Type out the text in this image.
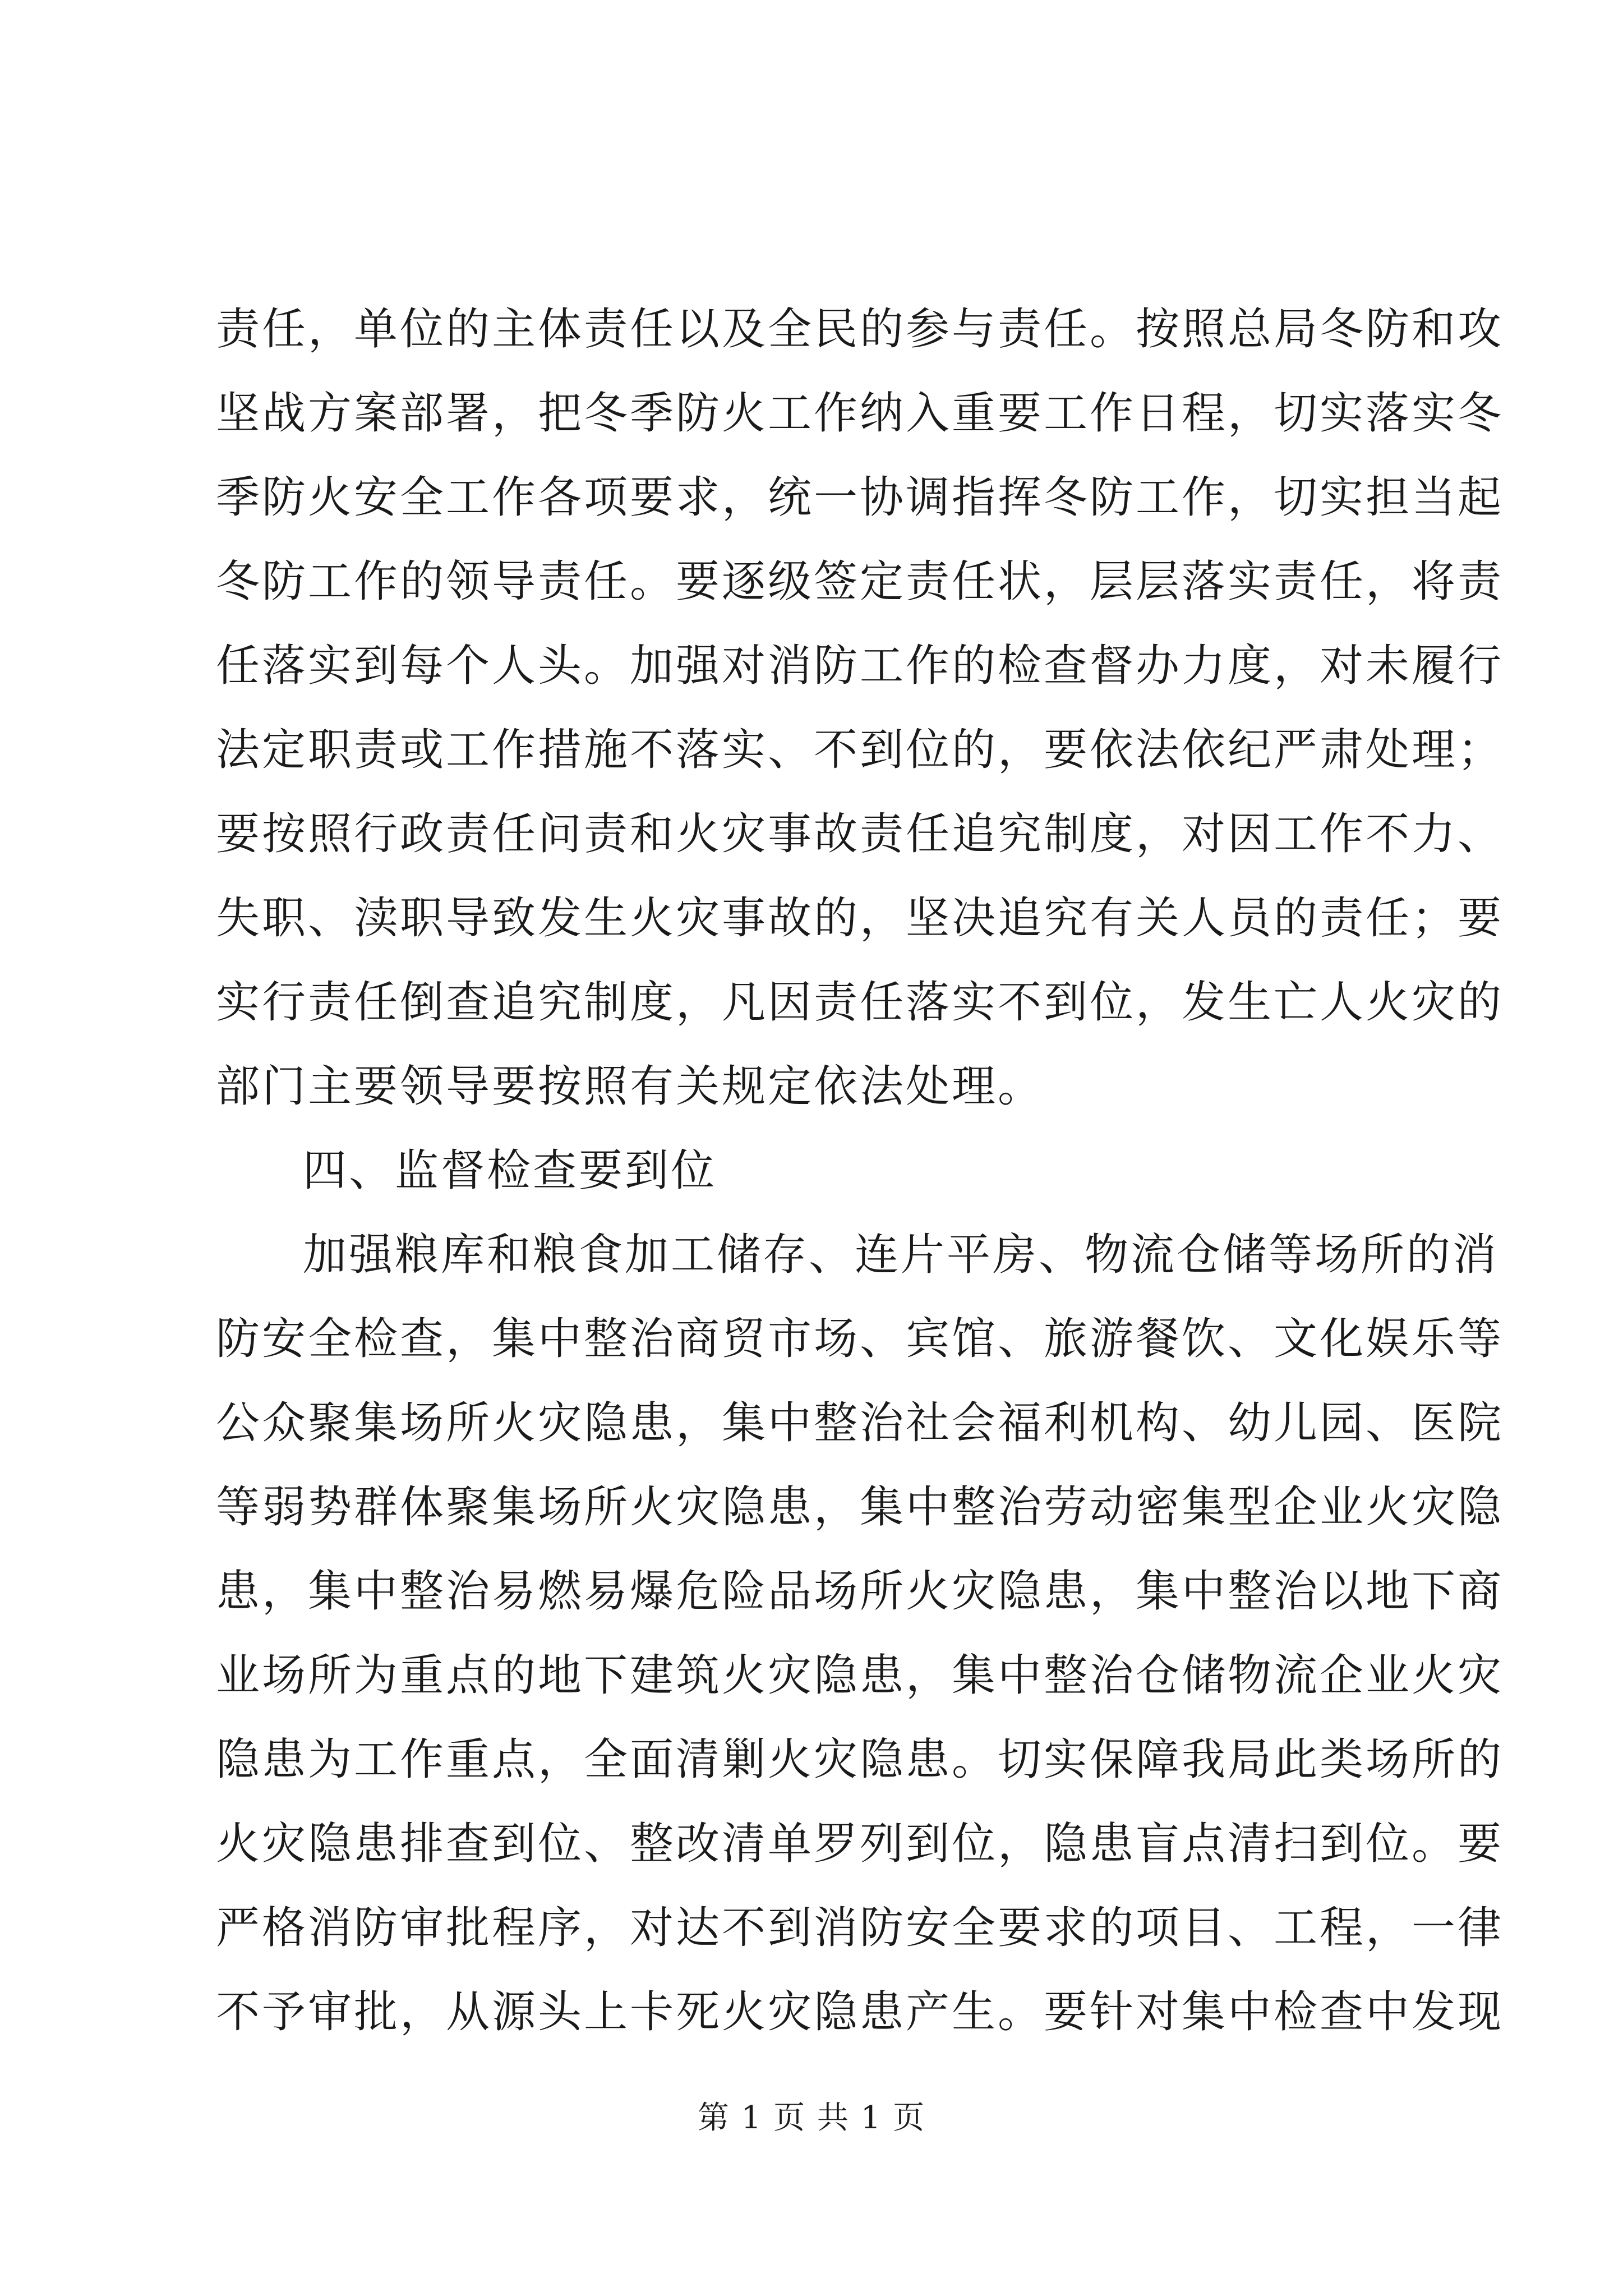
责任，单位的主体责任以及全民的参与责任。按照总局冬防和攻
坚战方案部署，把冬季防火工作纳入重要工作日程，切实落实冬
季防火安全工作各项要求，统一协调指挥冬防工作，切实担当起
冬防工作的领导责任。要逐级签定责任状，层层落实责任，将责
任落实到每个人头。加强对消防工作的检查督办力度，对未履行
法定职责或工作措施不落实、不到位的，要依法依纪严肃处理；
要按照行政责任问责和火灾事故责任追究制度，对因工作不力、
失职、渎职导致发生火灾事故的，坚决追究有关人员的责任；要
实行责任倒查追究制度，凡因责任落实不到位，发生亡人火灾的
部门主要领导要按照有关规定依法处理。
四、监督检查要到位
加强粮库和粮食加工储存、连片平房、物流仓储等场所的消
防安全检查，集中整治商贸市场、宾馆、旅游餐饮、文化娱乐等
公众聚集场所火灾隐患，集中整治社会福利机构、幼儿园、医院
等弱势群体聚集场所火灾隐患，集中整治劳动密集型企业火灾隐
患，集中整治易燃易爆危险品场所火灾隐患，集中整治以地下商
业场所为重点的地下建筑火灾隐患，集中整治仓储物流企业火灾
隐患为工作重点，全面清剿火灾隐患。切实保障我局此类场所的
火灾隐患排查到位、整改清单罗列到位，隐患盲点清扫到位。要
严格消防审批程序，对达不到消防安全要求的项目、工程，一律
不予审批，从源头上卡死火灾隐患产生。要针对集中检查中发现
第 1 页 共 1 页
